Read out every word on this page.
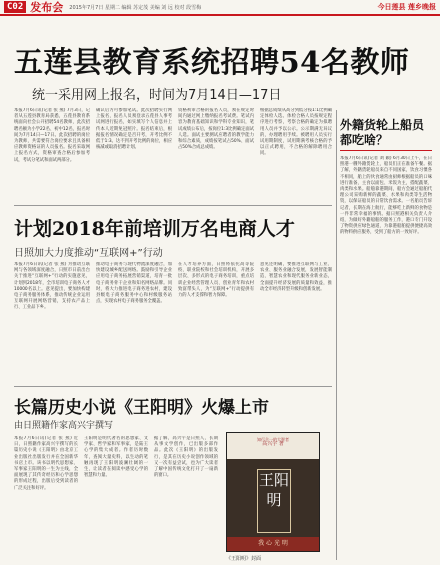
C02 发布会 2015年7月7日 星期二 编辑 苏定茂 美编 刘 远 校对 段雪梅	今日莲县 莲乡晚报
五莲县教育系统招聘54名教师
统一采用网上报名，时间为7月14日—17日
本报7月6日讯(记者 张 燕) 7月3日，记者从五莲县教育局获悉，五莲县教育系统面向社会公开招聘54名教师，此次招聘名额为小学22名、初中12名，报名时间为7月14日—17日。此次招聘的岗位为教师，共需要符合岗位要求且具备相应教师资格证的人员报名。报名采取网上报名方式，资格审查合格后参加考试，考试分笔试和面试两部分。
确认后方可参加笔试。此次招聘实行网上报名，报名人员须登录五莲县人事考试网进行报名，如实填写个人信息并上传本人近期免冠照片。报名结束后，根据报名情况确定是否开考，开考比例不低于1:3。达不到开考比例的岗位，相应核减或取消招聘计划。
资格初审合格的报名人员，须在规定时间内通过网上缴纳报名考试费。笔试内容为教育基础知识和学科专业知识，笔试成绩公布后，按岗位1:3比例确定面试人选。面试主要测试应聘者的教学能力和综合素质，成绩按笔试占50%、面试占50%合成总成绩。
根据总成绩从高分到低分按1:1比例确定体检人选。体检合格人员按规定程序进行考察，考察合格的确定为拟聘用人员并予以公示。公示期满无异议的，办理聘用手续。被聘用人员实行试用期制度，试用期满考核合格的予以正式聘用，不合格的解除聘用合同。
计划2018年前培训万名电商人才
日照加大力度推动“互联网+”行动
本报7月6日讯(记者 张 燕) 为推动互联网与各领域深度融合，日照市日前出台关于推进“互联网+”行动的实施意见，计划到2018年，全市培训电子商务人才10000名以上。意见提出，要加快构建电子商务服务体系，推动传统企业运用互联网开展网络营销，支持农产品上行、工业品下乡。
推动电子商务与现代物流深度融合，加快建设城乡配送网络。鼓励和引导企业应用电子商务拓展营销渠道，培育一批电子商务骨干企业和知名网络品牌。同时，将大力推进电子商务进农村，建设县级电子商务服务中心和村级服务站点，实现农村电子商务服务全覆盖。
在人才培养方面，日照将依托高等院校、职业院校和社会培训机构，开展多层次、多形式的电子商务培训，重点培训企业经营管理人员、创业青年和农村致富带头人，为“互联网+”行动提供有力的人才支撑和智力保障。
意见还明确，要推进互联网与工业、农业、服务业融合发展，发展智能制造、智慧农业和现代服务业新业态，全面提升经济发展的质量和效益，推动全市经济转型升级和创新发展。
长篇历史小说《王阳明》火爆上市
由日照籍作家高兴宇撰写
本报7月6日讯(记者 张 燕) 近日，日照籍作家高兴宇撰写的长篇历史小说《王阳明》由北京工业出版社出版发行并在全国新华书店上市。该书以明代思想家、军事家王阳明的一生为主线，全面展现了其传奇经历和心学思想的形成过程，出版后受到读者的广泛关注和好评。
王阳明是明代著名的思想家、文学家、哲学家和军事家，是陆王心学的集大成者。作者历时数年，查阅大量史料，以生动的笔触再现了王阳明波澜壮阔的一生，让读者在阅读中感受心学的智慧和力量。
据了解，高兴宇是日照人，长期从事文学创作，已出版多部作品。此次《王阳明》的出版发行，是其在历史小说创作领域的又一次有益尝试，也为广大读者了解中国传统文化打开了一扇新的窗口。
知行合一的大智者
高兴宇 著
王阳明
我 心 光 明
《王阳明》封面
外籍货轮上船员都吃啥？
本报7月6日讯(记者 刘 颖) 6月30日上午，在日照港一艘外籍货轮上，船员们正在准备午餐。据了解，外籍货轮船员来自不同国家，饮食习惯各不相同，船上的伙食通常由厨师根据船员的口味进行准备，主食以面包、米饭为主，搭配蔬菜、肉类和水果。船舶靠港期间，船方会通过船舶代理公司采购新鲜的蔬菜、水果和肉类等生活物资，以保证船员的日常饮食需求。一名船员告诉记者，长期在海上航行，能够吃上新鲜的食物是一件非常幸福的事情。据日照港相关负责人介绍，为做好外籍船舶的服务工作，港口专门开设了物资供应绿色通道，为靠港船舶提供便捷高效的物料供应服务，受到了船方的一致好评。
